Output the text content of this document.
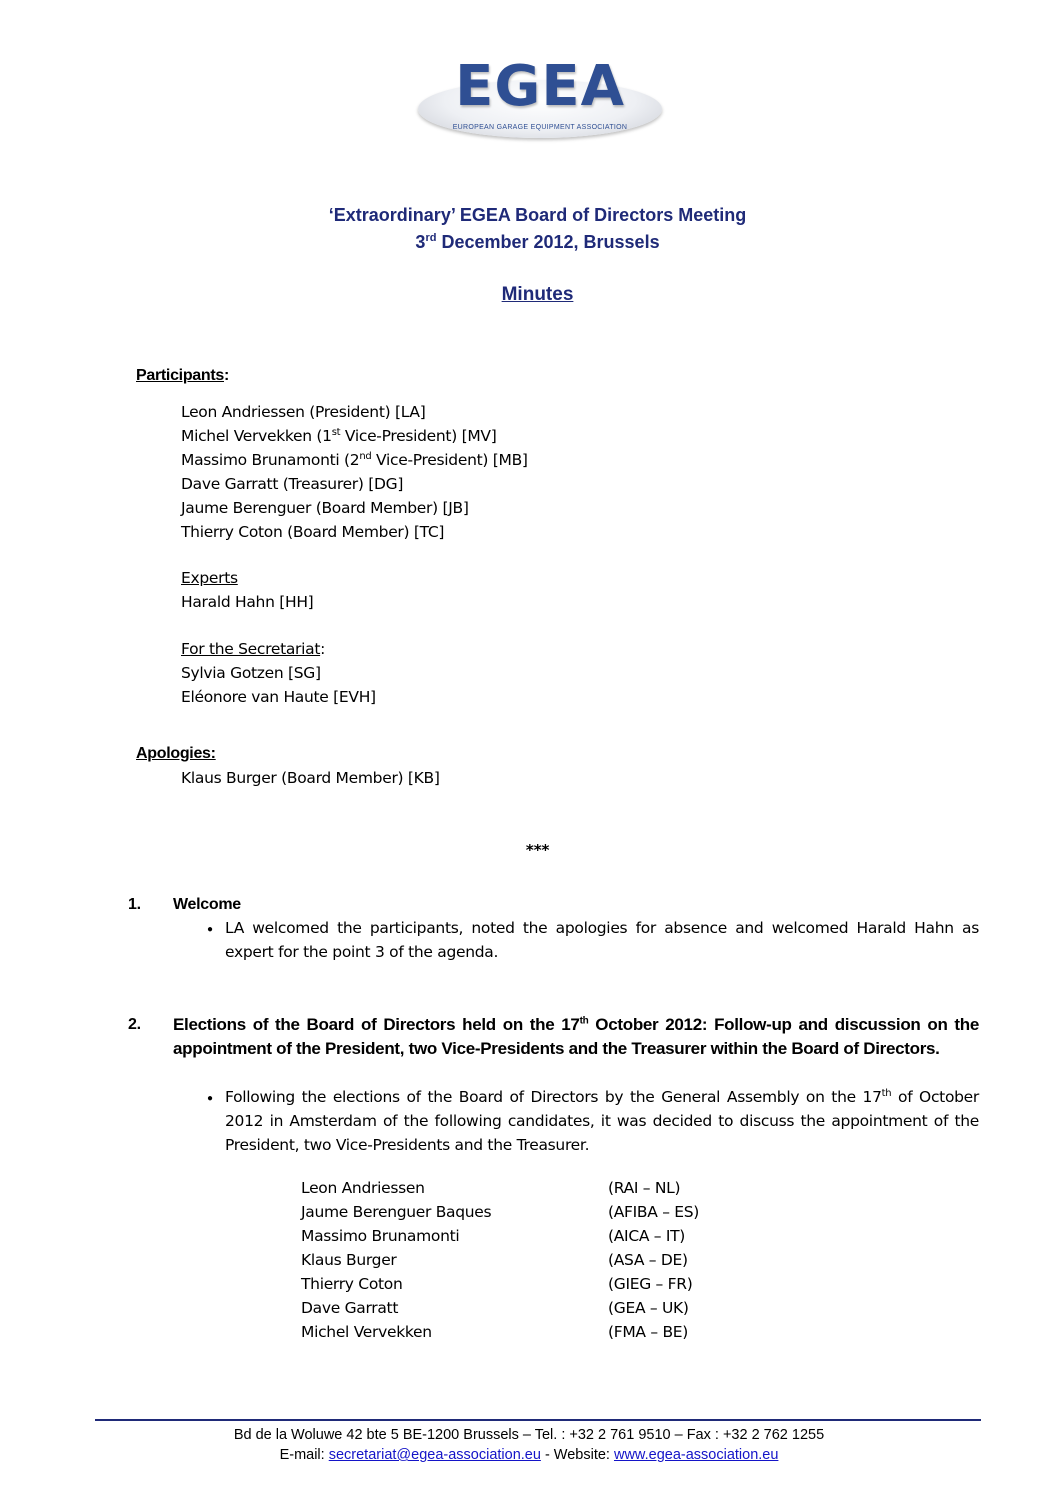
EGEA
EUROPEAN GARAGE EQUIPMENT ASSOCIATION
‘Extraordinary’ EGEA Board of Directors Meeting
3rd December 2012, Brussels
Minutes
Participants:

Leon Andriessen (President) [LA]

Michel Vervekken (1st Vice-President) [MV]

Massimo Brunamonti (2nd Vice-President) [MB]

Dave Garratt (Treasurer) [DG]

Jaume Berenguer (Board Member) [JB]

Thierry Coton (Board Member) [TC]

Experts

Harald Hahn [HH]

For the Secretariat:

Sylvia Gotzen [SG]

Eléonore van Haute [EVH]

Apologies:

Klaus Burger (Board Member) [KB]

***
1. Welcome
● LA welcomed the participants, noted the apologies for absence and welcomed Harald Hahn as expert for the point 3 of the agenda.
2. Elections of the Board of Directors held on the 17th October 2012: Follow-up and discussion on the appointment of the President, two Vice-Presidents and the Treasurer within the Board of Directors.
● Following the elections of the Board of Directors by the General Assembly on the 17th of October 2012 in Amsterdam of the following candidates, it was decided to discuss the appointment of the President, two Vice-Presidents and the Treasurer.
Leon Andriessen	(RAI – NL)
Jaume Berenguer Baques	(AFIBA – ES)
Massimo Brunamonti	(AICA – IT)
Klaus Burger	(ASA – DE)
Thierry Coton	(GIEG – FR)
Dave Garratt	(GEA – UK)
Michel Vervekken	(FMA – BE)
Bd de la Woluwe 42 bte 5 BE-1200 Brussels – Tel. : +32 2 761 9510 – Fax : +32 2 762 1255
E-mail: secretariat@egea-association.eu - Website: www.egea-association.eu
